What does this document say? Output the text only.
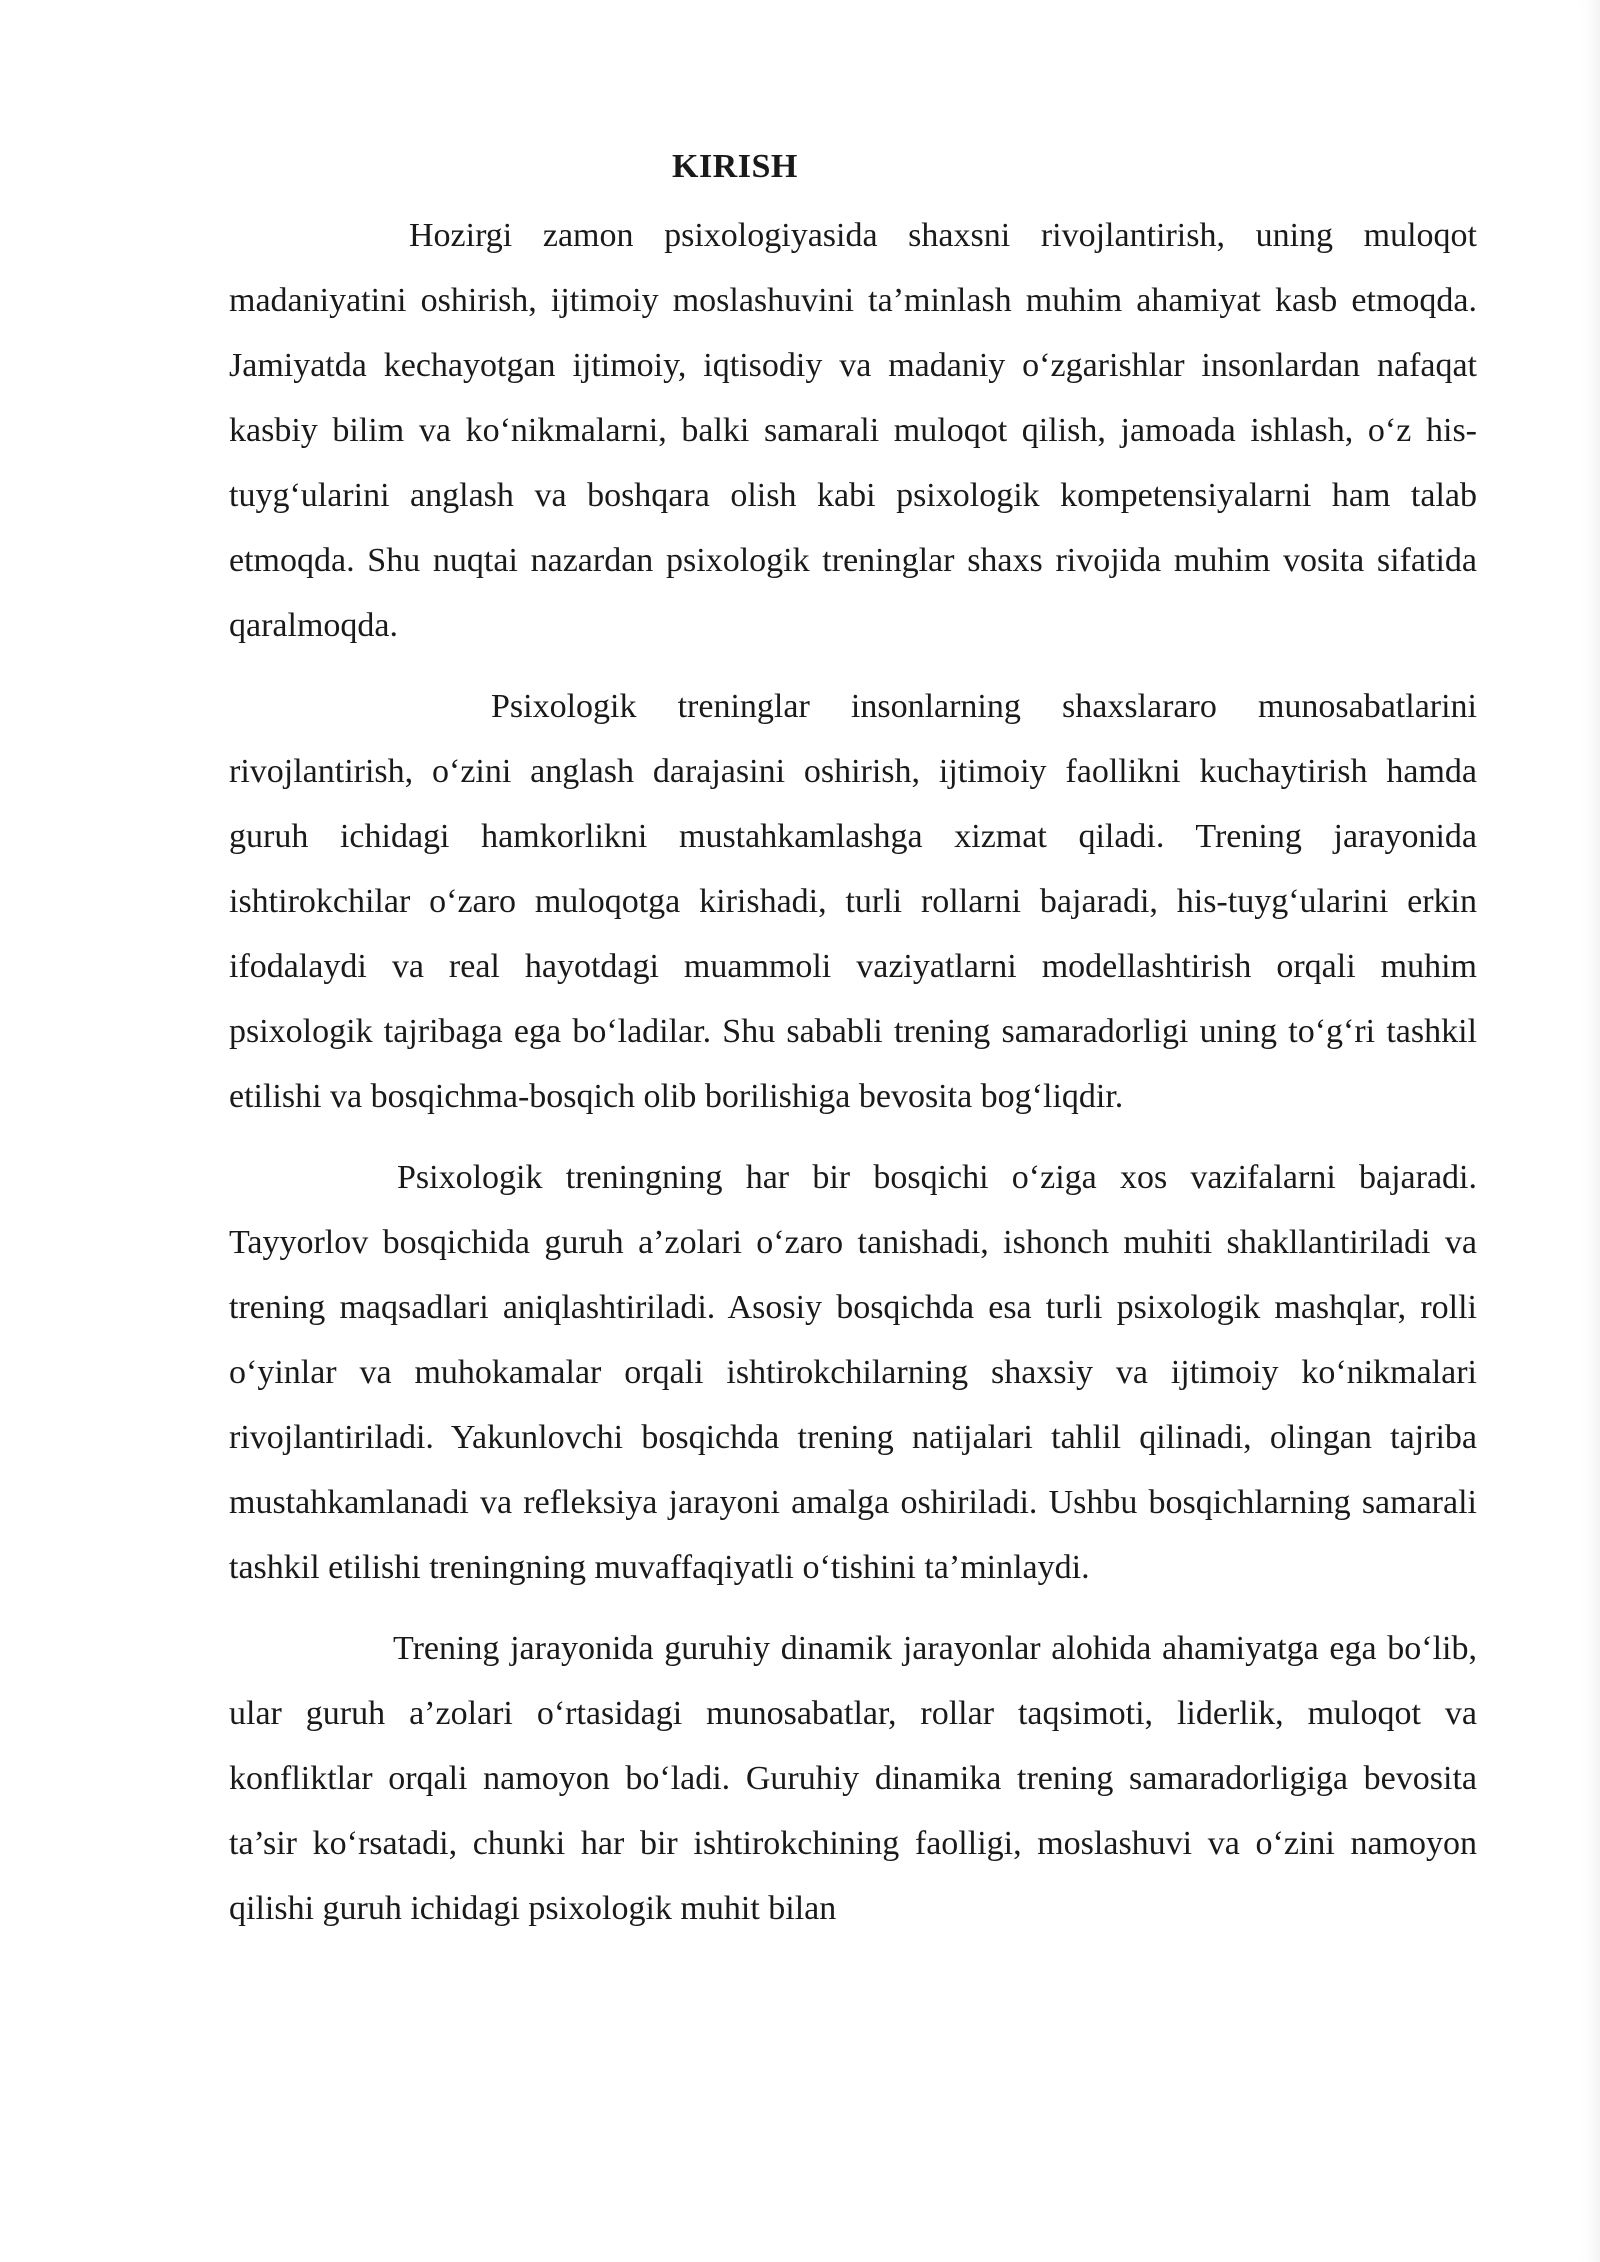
KIRISH

Hozirgi zamon psixologiyasida shaxsni rivojlantirish, uning muloqot madaniyatini oshirish, ijtimoiy moslashuvini ta’minlash muhim ahamiyat kasb etmoqda. Jamiyatda kechayotgan ijtimoiy, iqtisodiy va madaniy o‘zgarishlar insonlardan nafaqat kasbiy bilim va ko‘nikmalarni, balki samarali muloqot qilish, jamoada ishlash, o‘z his-tuyg‘ularini anglash va boshqara olish kabi psixologik kompetensiyalarni ham talab etmoqda. Shu nuqtai nazardan psixologik treninglar shaxs rivojida muhim vosita sifatida qaralmoqda.

Psixologik treninglar insonlarning shaxslararo munosabatlarini rivojlantirish, o‘zini anglash darajasini oshirish, ijtimoiy faollikni kuchaytirish hamda guruh ichidagi hamkorlikni mustahkamlashga xizmat qiladi. Trening jarayonida ishtirokchilar o‘zaro muloqotga kirishadi, turli rollarni bajaradi, his-tuyg‘ularini erkin ifodalaydi va real hayotdagi muammoli vaziyatlarni modellashtirish orqali muhim psixologik tajribaga ega bo‘ladilar. Shu sababli trening samaradorligi uning to‘g‘ri tashkil etilishi va bosqichma-bosqich olib borilishiga bevosita bog‘liqdir.

Psixologik treningning har bir bosqichi o‘ziga xos vazifalarni bajaradi. Tayyorlov bosqichida guruh a’zolari o‘zaro tanishadi, ishonch muhiti shakllantiriladi va trening maqsadlari aniqlashtiriladi. Asosiy bosqichda esa turli psixologik mashqlar, rolli o‘yinlar va muhokamalar orqali ishtirokchilarning shaxsiy va ijtimoiy ko‘nikmalari rivojlantiriladi. Yakunlovchi bosqichda trening natijalari tahlil qilinadi, olingan tajriba mustahkamlanadi va refleksiya jarayoni amalga oshiriladi. Ushbu bosqichlarning samarali tashkil etilishi treningning muvaffaqiyatli o‘tishini ta’minlaydi.

Trening jarayonida guruhiy dinamik jarayonlar alohida ahamiyatga ega bo‘lib, ular guruh a’zolari o‘rtasidagi munosabatlar, rollar taqsimoti, liderlik, muloqot va konfliktlar orqali namoyon bo‘ladi. Guruhiy dinamika trening samaradorligiga bevosita ta’sir ko‘rsatadi, chunki har bir ishtirokchining faolligi, moslashuvi va o‘zini namoyon qilishi guruh ichidagi psixologik muhit bilan
